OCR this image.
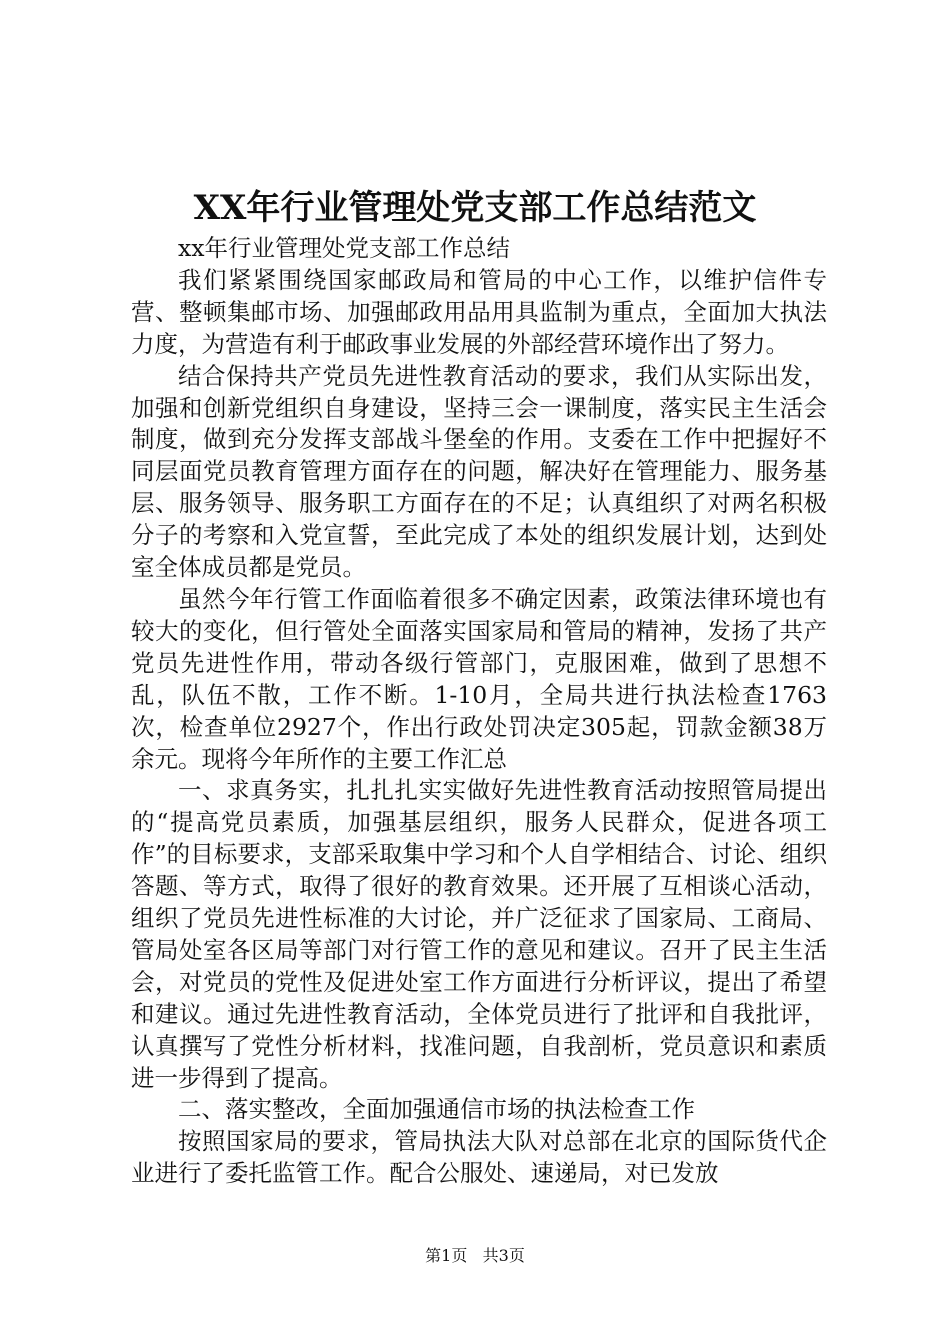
XX年行业管理处党支部工作总结范文

xx年行业管理处党支部工作总结

我们紧紧围绕国家邮政局和管局的中心工作，以维护信件专营、整顿集邮市场、加强邮政用品用具监制为重点，全面加大执法力度，为营造有利于邮政事业发展的外部经营环境作出了努力。

结合保持共产党员先进性教育活动的要求，我们从实际出发，加强和创新党组织自身建设，坚持三会一课制度，落实民主生活会制度，做到充分发挥支部战斗堡垒的作用。支委在工作中把握好不同层面党员教育管理方面存在的问题，解决好在管理能力、服务基层、服务领导、服务职工方面存在的不足；认真组织了对两名积极分子的考察和入党宣誓，至此完成了本处的组织发展计划，达到处室全体成员都是党员。

虽然今年行管工作面临着很多不确定因素，政策法律环境也有较大的变化，但行管处全面落实国家局和管局的精神，发扬了共产党员先进性作用，带动各级行管部门，克服困难，做到了思想不乱，队伍不散，工作不断。1-10月，全局共进行执法检查1763次，检查单位2927个，作出行政处罚决定305起，罚款金额38万余元。现将今年所作的主要工作汇总

一、求真务实，扎扎扎实实做好先进性教育活动按照管局提出的“提高党员素质，加强基层组织，服务人民群众，促进各项工作”的目标要求，支部采取集中学习和个人自学相结合、讨论、组织答题、等方式，取得了很好的教育效果。还开展了互相谈心活动，组织了党员先进性标准的大讨论，并广泛征求了国家局、工商局、管局处室各区局等部门对行管工作的意见和建议。召开了民主生活会，对党员的党性及促进处室工作方面进行分析评议，提出了希望和建议。通过先进性教育活动，全体党员进行了批评和自我批评，认真撰写了党性分析材料，找准问题，自我剖析，党员意识和素质进一步得到了提高。

二、落实整改，全面加强通信市场的执法检查工作

按照国家局的要求，管局执法大队对总部在北京的国际货代企业进行了委托监管工作。配合公服处、速递局，对已发放

第1页 共3页
